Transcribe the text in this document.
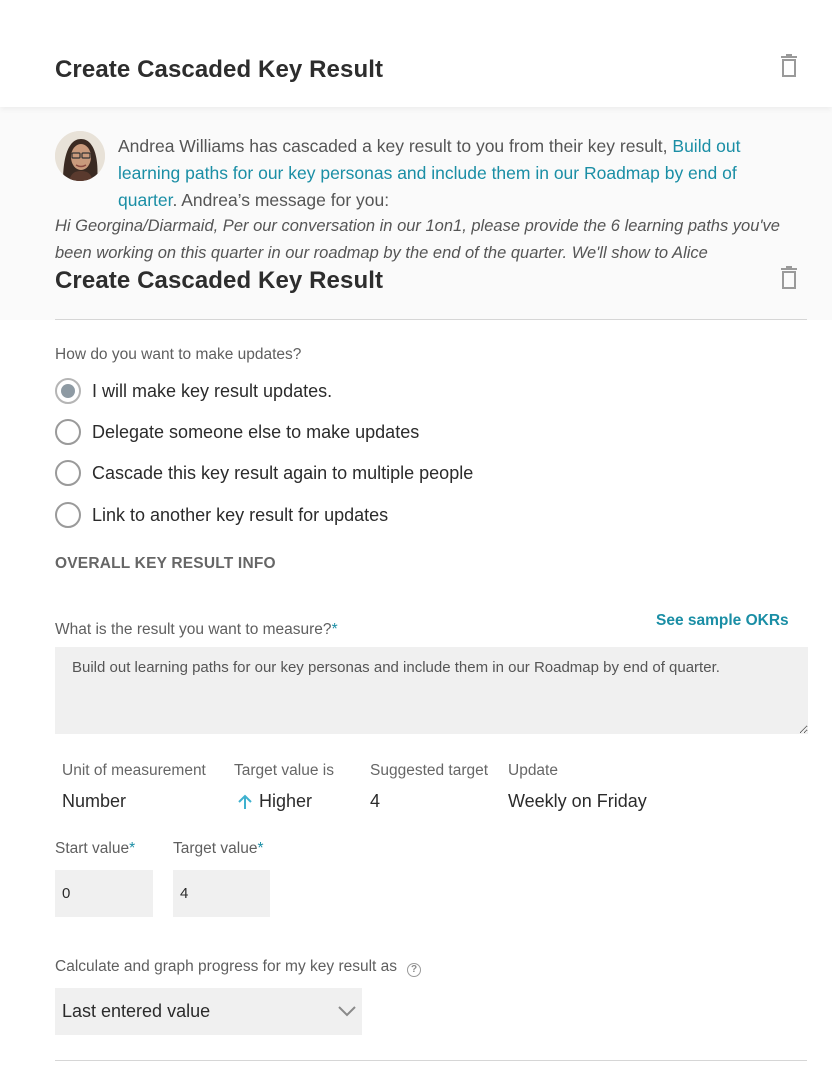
Create Cascaded Key Result
Andrea Williams has cascaded a key result to you from their key result, Build out learning paths for our key personas and include them in our Roadmap by end of quarter. Andrea’s message for you:
Hi Georgina/Diarmaid, Per our conversation in our 1on1, please provide the 6 learning paths you've been working on this quarter in our roadmap by the end of the quarter. We'll show to Alice
Create Cascaded Key Result
How do you want to make updates?
I will make key result updates.
Delegate someone else to make updates
Cascade this key result again to multiple people
Link to another key result for updates
OVERALL KEY RESULT INFO
What is the result you want to measure?*
See sample OKRs
Build out learning paths for our key personas and include them in our Roadmap by end of quarter.
Unit of measurement
Number
Target value is
Higher
Suggested target
4
Update
Weekly on Friday
Start value* Target value*
0
4
Calculate and graph progress for my key result as ?
Last entered value
